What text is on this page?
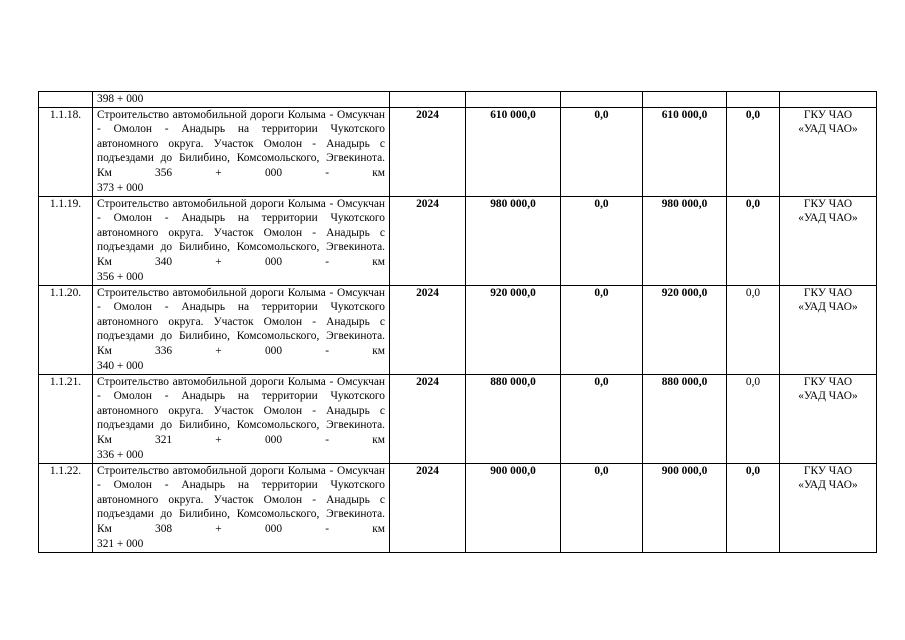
	398 + 000						

1.1.18.	Строительство автомобильной дороги Колыма - Омсукчан - Омолон - Анадырь на территории Чукотского автономного округа. Участок Омолон - Анадырь с подъездами до Билибино, Комсомольского, Эгвекинота. Км 356 + 000 - км
373 + 000	2024	610 000,0	0,0	610 000,0	0,0	ГКУ ЧАО
«УАД ЧАО»

1.1.19.	Строительство автомобильной дороги Колыма - Омсукчан - Омолон - Анадырь на территории Чукотского автономного округа. Участок Омолон - Анадырь с подъездами до Билибино, Комсомольского, Эгвекинота. Км 340 + 000 - км
356 + 000	2024	980 000,0	0,0	980 000,0	0,0	ГКУ ЧАО
«УАД ЧАО»

1.1.20.	Строительство автомобильной дороги Колыма - Омсукчан - Омолон - Анадырь на территории Чукотского автономного округа. Участок Омолон - Анадырь с подъездами до Билибино, Комсомольского, Эгвекинота. Км 336 + 000 - км
340 + 000	2024	920 000,0	0,0	920 000,0	0,0	ГКУ ЧАО
«УАД ЧАО»

1.1.21.	Строительство автомобильной дороги Колыма - Омсукчан - Омолон - Анадырь на территории Чукотского автономного округа. Участок Омолон - Анадырь с подъездами до Билибино, Комсомольского, Эгвекинота. Км 321 + 000 - км
336 + 000	2024	880 000,0	0,0	880 000,0	0,0	ГКУ ЧАО
«УАД ЧАО»

1.1.22.	Строительство автомобильной дороги Колыма - Омсукчан - Омолон - Анадырь на территории Чукотского автономного округа. Участок Омолон - Анадырь с подъездами до Билибино, Комсомольского, Эгвекинота. Км 308 + 000 - км
321 + 000	2024	900 000,0	0,0	900 000,0	0,0	ГКУ ЧАО
«УАД ЧАО»
